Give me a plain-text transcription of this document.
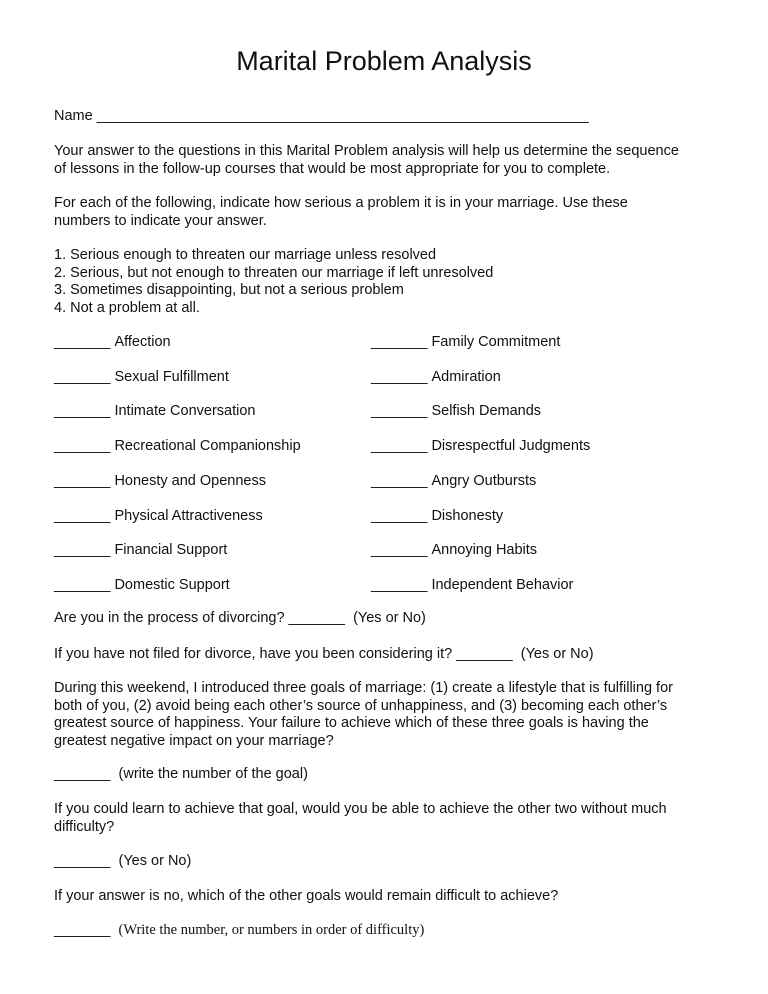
Marital Problem Analysis
Name _____________________________________________________________
Your answer to the questions in this Marital Problem analysis will help us determine the sequence
of lessons in the follow-up courses that would be most appropriate for you to complete.
For each of the following, indicate how serious a problem it is in your marriage. Use these
numbers to indicate your answer.
1. Serious enough to threaten our marriage unless resolved
2. Serious, but not enough to threaten our marriage if left unresolved
3. Sometimes disappointing, but not a serious problem
4. Not a problem at all.
_______ Affection
_______ Sexual Fulfillment
_______ Intimate Conversation
_______ Recreational Companionship
_______ Honesty and Openness
_______ Physical Attractiveness
_______ Financial Support
_______ Domestic Support
_______ Family Commitment
_______ Admiration
_______ Selfish Demands
_______ Disrespectful Judgments
_______ Angry Outbursts
_______ Dishonesty
_______ Annoying Habits
_______ Independent Behavior
Are you in the process of divorcing? _______ (Yes or No)
If you have not filed for divorce, have you been considering it? _______ (Yes or No)
During this weekend, I introduced three goals of marriage: (1) create a lifestyle that is fulfilling for
both of you, (2) avoid being each other’s source of unhappiness, and (3) becoming each other’s
greatest source of happiness. Your failure to achieve which of these three goals is having the
greatest negative impact on your marriage?
_______ (write the number of the goal)
If you could learn to achieve that goal, would you be able to achieve the other two without much
difficulty?
_______ (Yes or No)
If your answer is no, which of the other goals would remain difficult to achieve?
_______ (Write the number, or numbers in order of difficulty)
